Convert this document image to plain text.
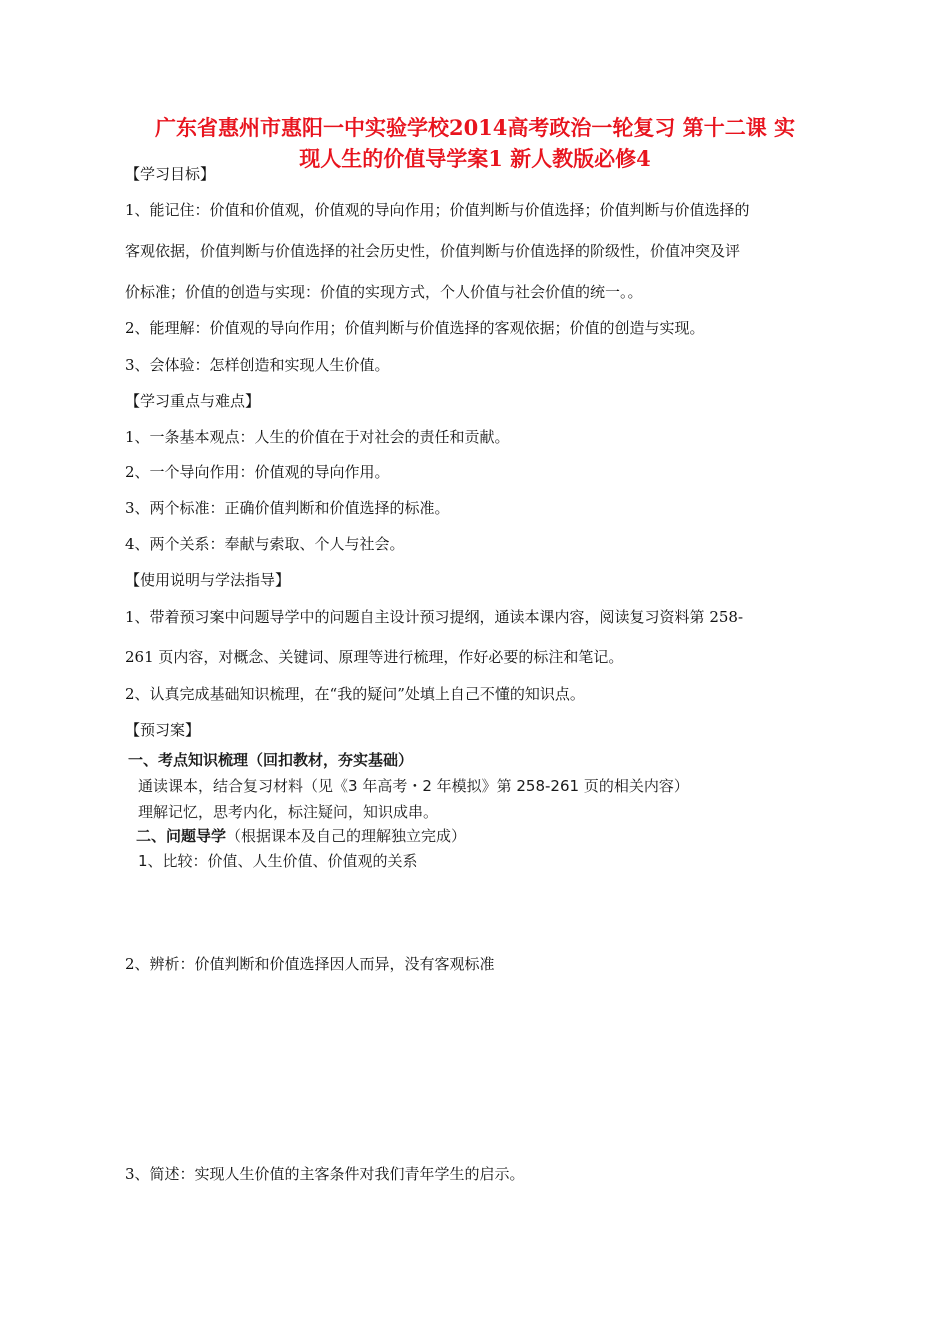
广东省惠州市惠阳一中实验学校2014高考政治一轮复习 第十二课 实
现人生的价值导学案1 新人教版必修4
【学习目标】
1、能记住：价值和价值观，价值观的导向作用；价值判断与价值选择；价值判断与价值选择的
客观依据，价值判断与价值选择的社会历史性，价值判断与价值选择的阶级性，价值冲突及评
价标准；价值的创造与实现：价值的实现方式，个人价值与社会价值的统一。。
2、能理解：价值观的导向作用；价值判断与价值选择的客观依据；价值的创造与实现。
3、会体验：怎样创造和实现人生价值。
【学习重点与难点】
1、一条基本观点：人生的价值在于对社会的责任和贡献。
2、一个导向作用：价值观的导向作用。
3、两个标准：正确价值判断和价值选择的标准。
4、两个关系：奉献与索取、个人与社会。
【使用说明与学法指导】
1、带着预习案中问题导学中的问题自主设计预习提纲，通读本课内容，阅读复习资料第 258-
261 页内容，对概念、关键词、原理等进行梳理，作好必要的标注和笔记。
2、认真完成基础知识梳理，在“我的疑问”处填上自己不懂的知识点。
【预习案】
一、考点知识梳理（回扣教材，夯实基础）
通读课本，结合复习材料（见《3 年高考・2 年模拟》第 258-261 页的相关内容）
理解记忆，思考内化，标注疑问，知识成串。
二、问题导学（根据课本及自己的理解独立完成）
1、比较：价值、人生价值、价值观的关系
2、辨析：价值判断和价值选择因人而异，没有客观标准
3、简述：实现人生价值的主客条件对我们青年学生的启示。
